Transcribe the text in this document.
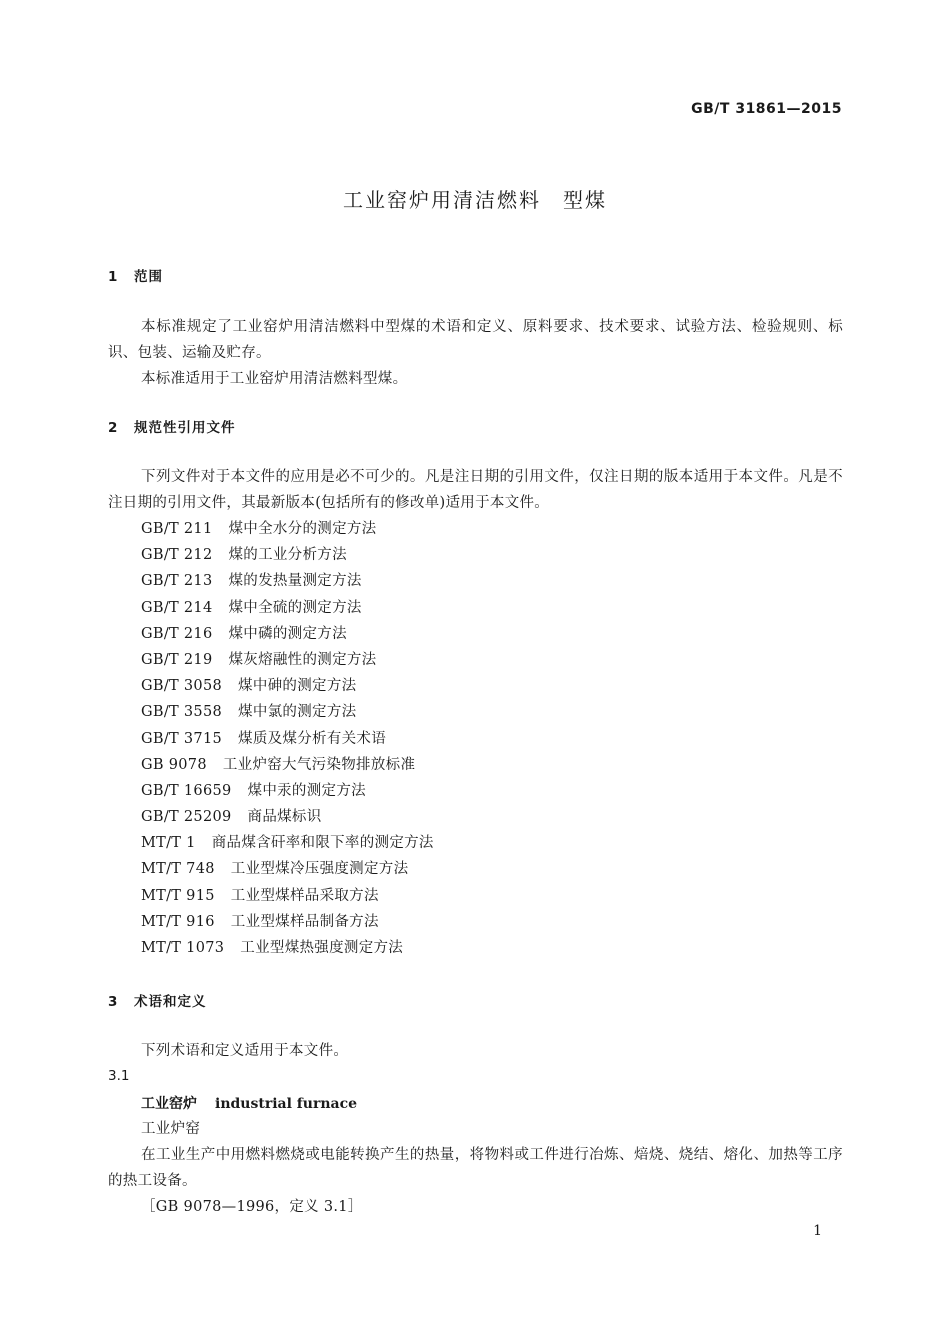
GB/T 31861—2015
工业窑炉用清洁燃料　型煤
1 范围
本标准规定了工业窑炉用清洁燃料中型煤的术语和定义、原料要求、技术要求、试验方法、检验规则、标识、包装、运输及贮存。
本标准适用于工业窑炉用清洁燃料型煤。
2 规范性引用文件
下列文件对于本文件的应用是必不可少的。凡是注日期的引用文件，仅注日期的版本适用于本文件。凡是不注日期的引用文件，其最新版本(包括所有的修改单)适用于本文件。
GB/T 211 煤中全水分的测定方法
GB/T 212 煤的工业分析方法
GB/T 213 煤的发热量测定方法
GB/T 214 煤中全硫的测定方法
GB/T 216 煤中磷的测定方法
GB/T 219 煤灰熔融性的测定方法
GB/T 3058 煤中砷的测定方法
GB/T 3558 煤中氯的测定方法
GB/T 3715 煤质及煤分析有关术语
GB 9078 工业炉窑大气污染物排放标准
GB/T 16659 煤中汞的测定方法
GB/T 25209 商品煤标识
MT/T 1 商品煤含矸率和限下率的测定方法
MT/T 748 工业型煤冷压强度测定方法
MT/T 915 工业型煤样品采取方法
MT/T 916 工业型煤样品制备方法
MT/T 1073 工业型煤热强度测定方法
3 术语和定义
下列术语和定义适用于本文件。
3.1
工业窑炉 industrial furnace
工业炉窑
在工业生产中用燃料燃烧或电能转换产生的热量，将物料或工件进行冶炼、焙烧、烧结、熔化、加热等工序的热工设备。
［GB 9078—1996，定义 3.1］
1
